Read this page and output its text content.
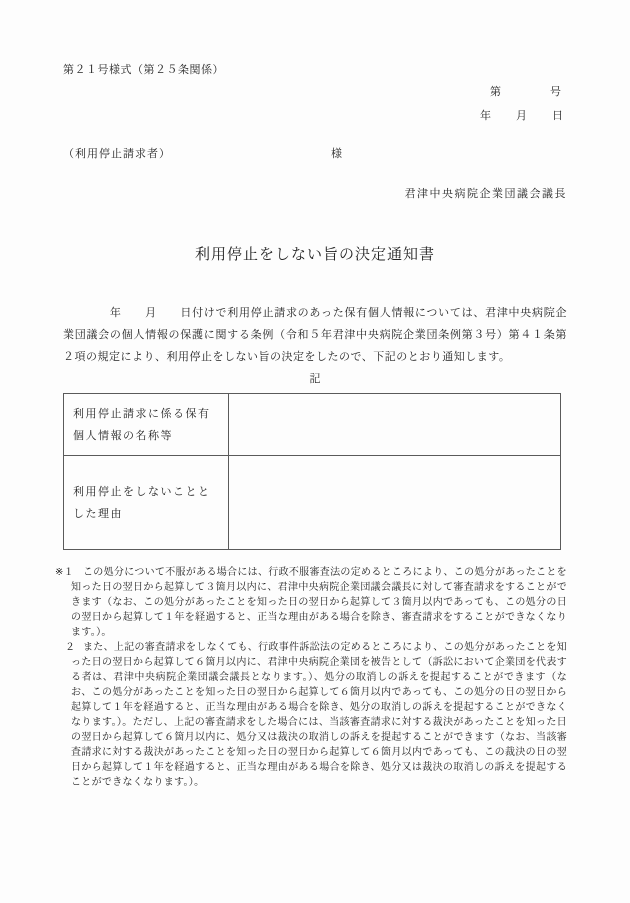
第２１号様式（第２５条関係）
第　　　　号
年　　月　　日
（利用停止請求者）	様
君津中央病院企業団議会議長
利用停止をしない旨の決定通知書
　　　　年　　月　　日付けで利用停止請求のあった保有個人情報については、君津中央病院企業団議会の個人情報の保護に関する条例（令和５年君津中央病院企業団条例第３号）第４１条第２項の規定により、利用停止をしない旨の決定をしたので、下記のとおり通知します。
記
利用停止請求に係る保有個人情報の名称等	
利用停止をしないこととした理由	
※１ この処分について不服がある場合には、行政不服審査法の定めるところにより、この処分があったことを知った日の翌日から起算して３箇月以内に、君津中央病院企業団議会議長に対して審査請求をすることができます（なお、この処分があったことを知った日の翌日から起算して３箇月以内であっても、この処分の日の翌日から起算して１年を経過すると、正当な理由がある場合を除き、審査請求をすることができなくなります。）。
２ また、上記の審査請求をしなくても、行政事件訴訟法の定めるところにより、この処分があったことを知った日の翌日から起算して６箇月以内に、君津中央病院企業団を被告として（訴訟において企業団を代表する者は、君津中央病院企業団議会議長となります。）、処分の取消しの訴えを提起することができます（なお、この処分があったことを知った日の翌日から起算して６箇月以内であっても、この処分の日の翌日から起算して１年を経過すると、正当な理由がある場合を除き、処分の取消しの訴えを提起することができなくなります。）。ただし、上記の審査請求をした場合には、当該審査請求に対する裁決があったことを知った日の翌日から起算して６箇月以内に、処分又は裁決の取消しの訴えを提起することができます（なお、当該審査請求に対する裁決があったことを知った日の翌日から起算して６箇月以内であっても、この裁決の日の翌日から起算して１年を経過すると、正当な理由がある場合を除き、処分又は裁決の取消しの訴えを提起することができなくなります。）。
